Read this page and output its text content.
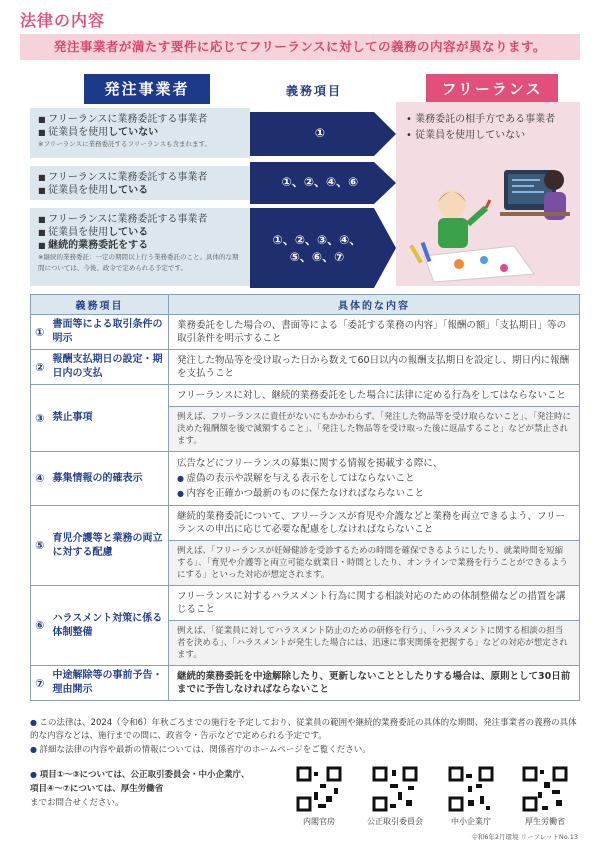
法律の内容
発注事業者が満たす要件に応じてフリーランスに対しての義務の内容が異なります。
発注事業者	義務項目	フリーランス
• 業務委託の相手方である事業者
• 従業員を使用していない
■ フリーランスに業務委託する事業者
■ 従業員を使用していない
※フリーランスに業務委託するフリーランスも含まれます。
①
■ フリーランスに業務委託する事業者
■ 従業員を使用している
①、②、④、⑥
■ フリーランスに業務委託する事業者
■ 従業員を使用している
■ 継続的業務委託をする
※継続的業務委託：一定の期間以上行う業務委託のこと。具体的な期間については、今後、政令で定められる予定です。
①、②、③、④、⑤、⑥、⑦
義務項目		具体的な内容
①	書面等による取引条件の明示	業務委託をした場合の、書面等による「委託する業務の内容」「報酬の額」「支払期日」等の取引条件を明示すること
②	報酬支払期日の設定・期日内の支払	発注した物品等を受け取った日から数えて60日以内の報酬支払期日を設定し、期日内に報酬を支払うこと
③	禁止事項	フリーランスに対し、継続的業務委託をした場合に法律に定める行為をしてはならないこと
		例えば、フリーランスに責任がないにもかかわらず、「発注した物品等を受け取らないこと」、「発注時に決めた報酬額を後で減額すること」、「発注した物品等を受け取った後に返品すること」などが禁止されます。
④	募集情報の的確表示	広告などにフリーランスの募集に関する情報を掲載する際に、

● 虚偽の表示や誤解を与える表示をしてはならないこと

● 内容を正確かつ最新のものに保たなければならないこと

⑤	育児介護等と業務の両立に対する配慮	継続的業務委託について、フリーランスが育児や介護などと業務を両立できるよう、フリーランスの申出に応じて必要な配慮をしなければならないこと
		例えば、「フリーランスが妊婦健診を受診するための時間を確保できるようにしたり、就業時間を短縮する」、「育児や介護等と両立可能な就業日・時間としたり、オンラインで業務を行うことができるようにする」といった対応が想定されます。
⑥	ハラスメント対策に係る体制整備	フリーランスに対するハラスメント行為に関する相談対応のための体制整備などの措置を講じること
		例えば、「従業員に対してハラスメント防止のための研修を行う」、「ハラスメントに関する相談の担当者を決める」、「ハラスメントが発生した場合には、迅速に事実関係を把握する」などの対応が想定されます。
⑦	中途解除等の事前予告・理由開示	継続的業務委託を中途解除したり、更新しないこととしたりする場合は、原則として30日前までに予告しなければならないこと

● この法律は、2024（令和6）年秋ごろまでの施行を予定しており、従業員の範囲や継続的業務委託の具体的な期間、発注事業者の義務の具体的な内容などは、施行までの間に、政省令・告示などで定められる予定です。

● 詳細な法律の内容や最新の情報については、関係省庁のホームページをご覧ください。

● 項目①～③については、公正取引委員会・中小企業庁、

項目④～⑦については、厚生労働省
までお問合せください。
内閣官房	公正取引委員会	中小企業庁	厚生労働省
令和6年2月環境 リーフレットNo.13
